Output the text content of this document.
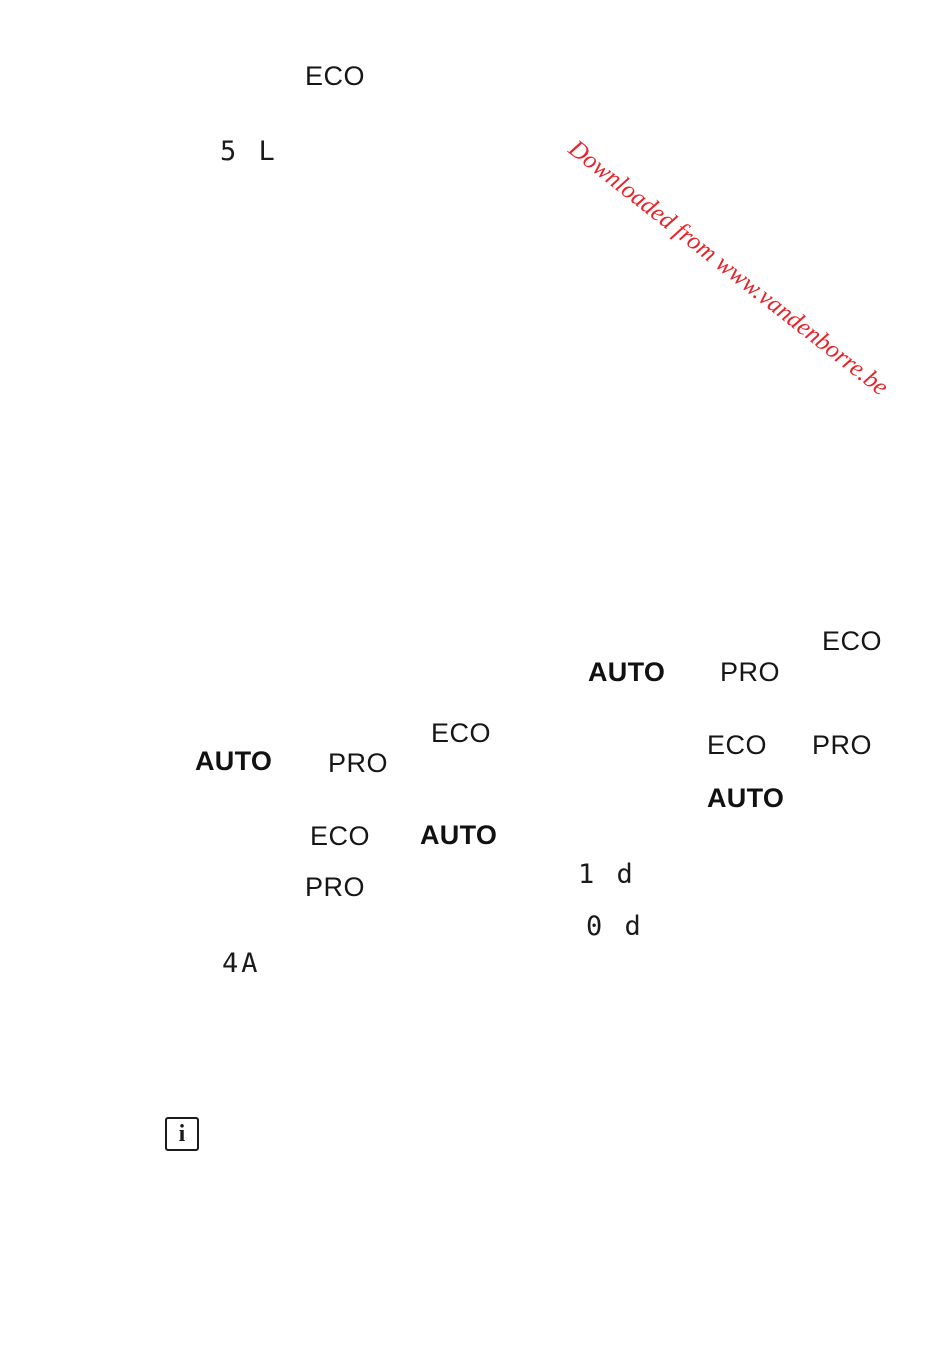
Downloaded from www.vandenborre.be
ECO
5 L
AUTO PRO
ECO
ECO	ECO PRO
AUTO PRO
AUTO
ECO AUTO
1 d
PRO
0 d
4A
i
